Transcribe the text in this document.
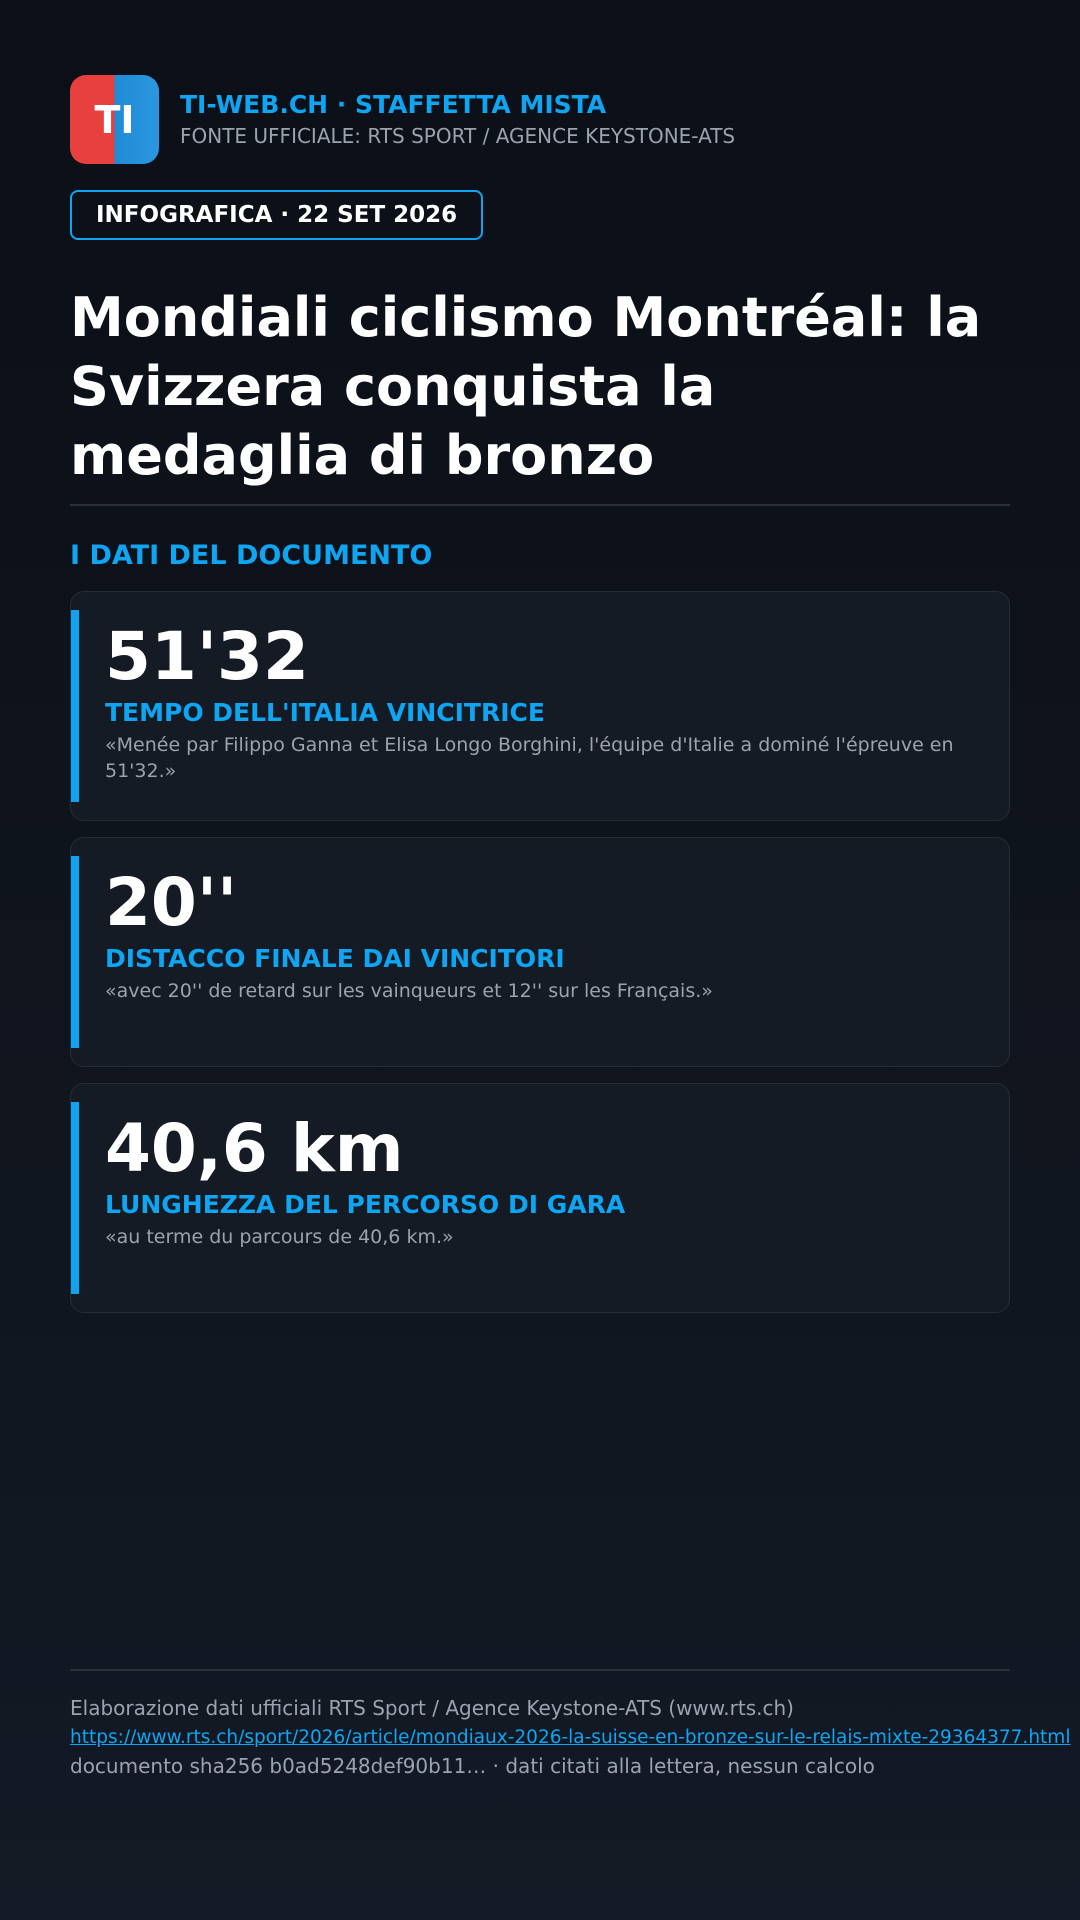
TI TI-WEB.CH · STAFFETTA MISTA
FONTE UFFICIALE: RTS SPORT / AGENCE KEYSTONE-ATS
INFOGRAFICA · 22 SET 2026
Mondiali ciclismo Montréal: la Svizzera conquista la medaglia di bronzo
I DATI DEL DOCUMENTO
51'32
TEMPO DELL'ITALIA VINCITRICE
«Menée par Filippo Ganna et Elisa Longo Borghini, l'équipe d'Italie a dominé l'épreuve en 51'32.»
20''
DISTACCO FINALE DAI VINCITORI
«avec 20'' de retard sur les vainqueurs et 12'' sur les Français.»
40,6 km
LUNGHEZZA DEL PERCORSO DI GARA
«au terme du parcours de 40,6 km.»
Elaborazione dati ufficiali RTS Sport / Agence Keystone-ATS (www.rts.ch)
https://www.rts.ch/sport/2026/article/mondiaux-2026-la-suisse-en-bronze-sur-le-relais-mixte-29364377.html
documento sha256 b0ad5248def90b11… · dati citati alla lettera, nessun calcolo
